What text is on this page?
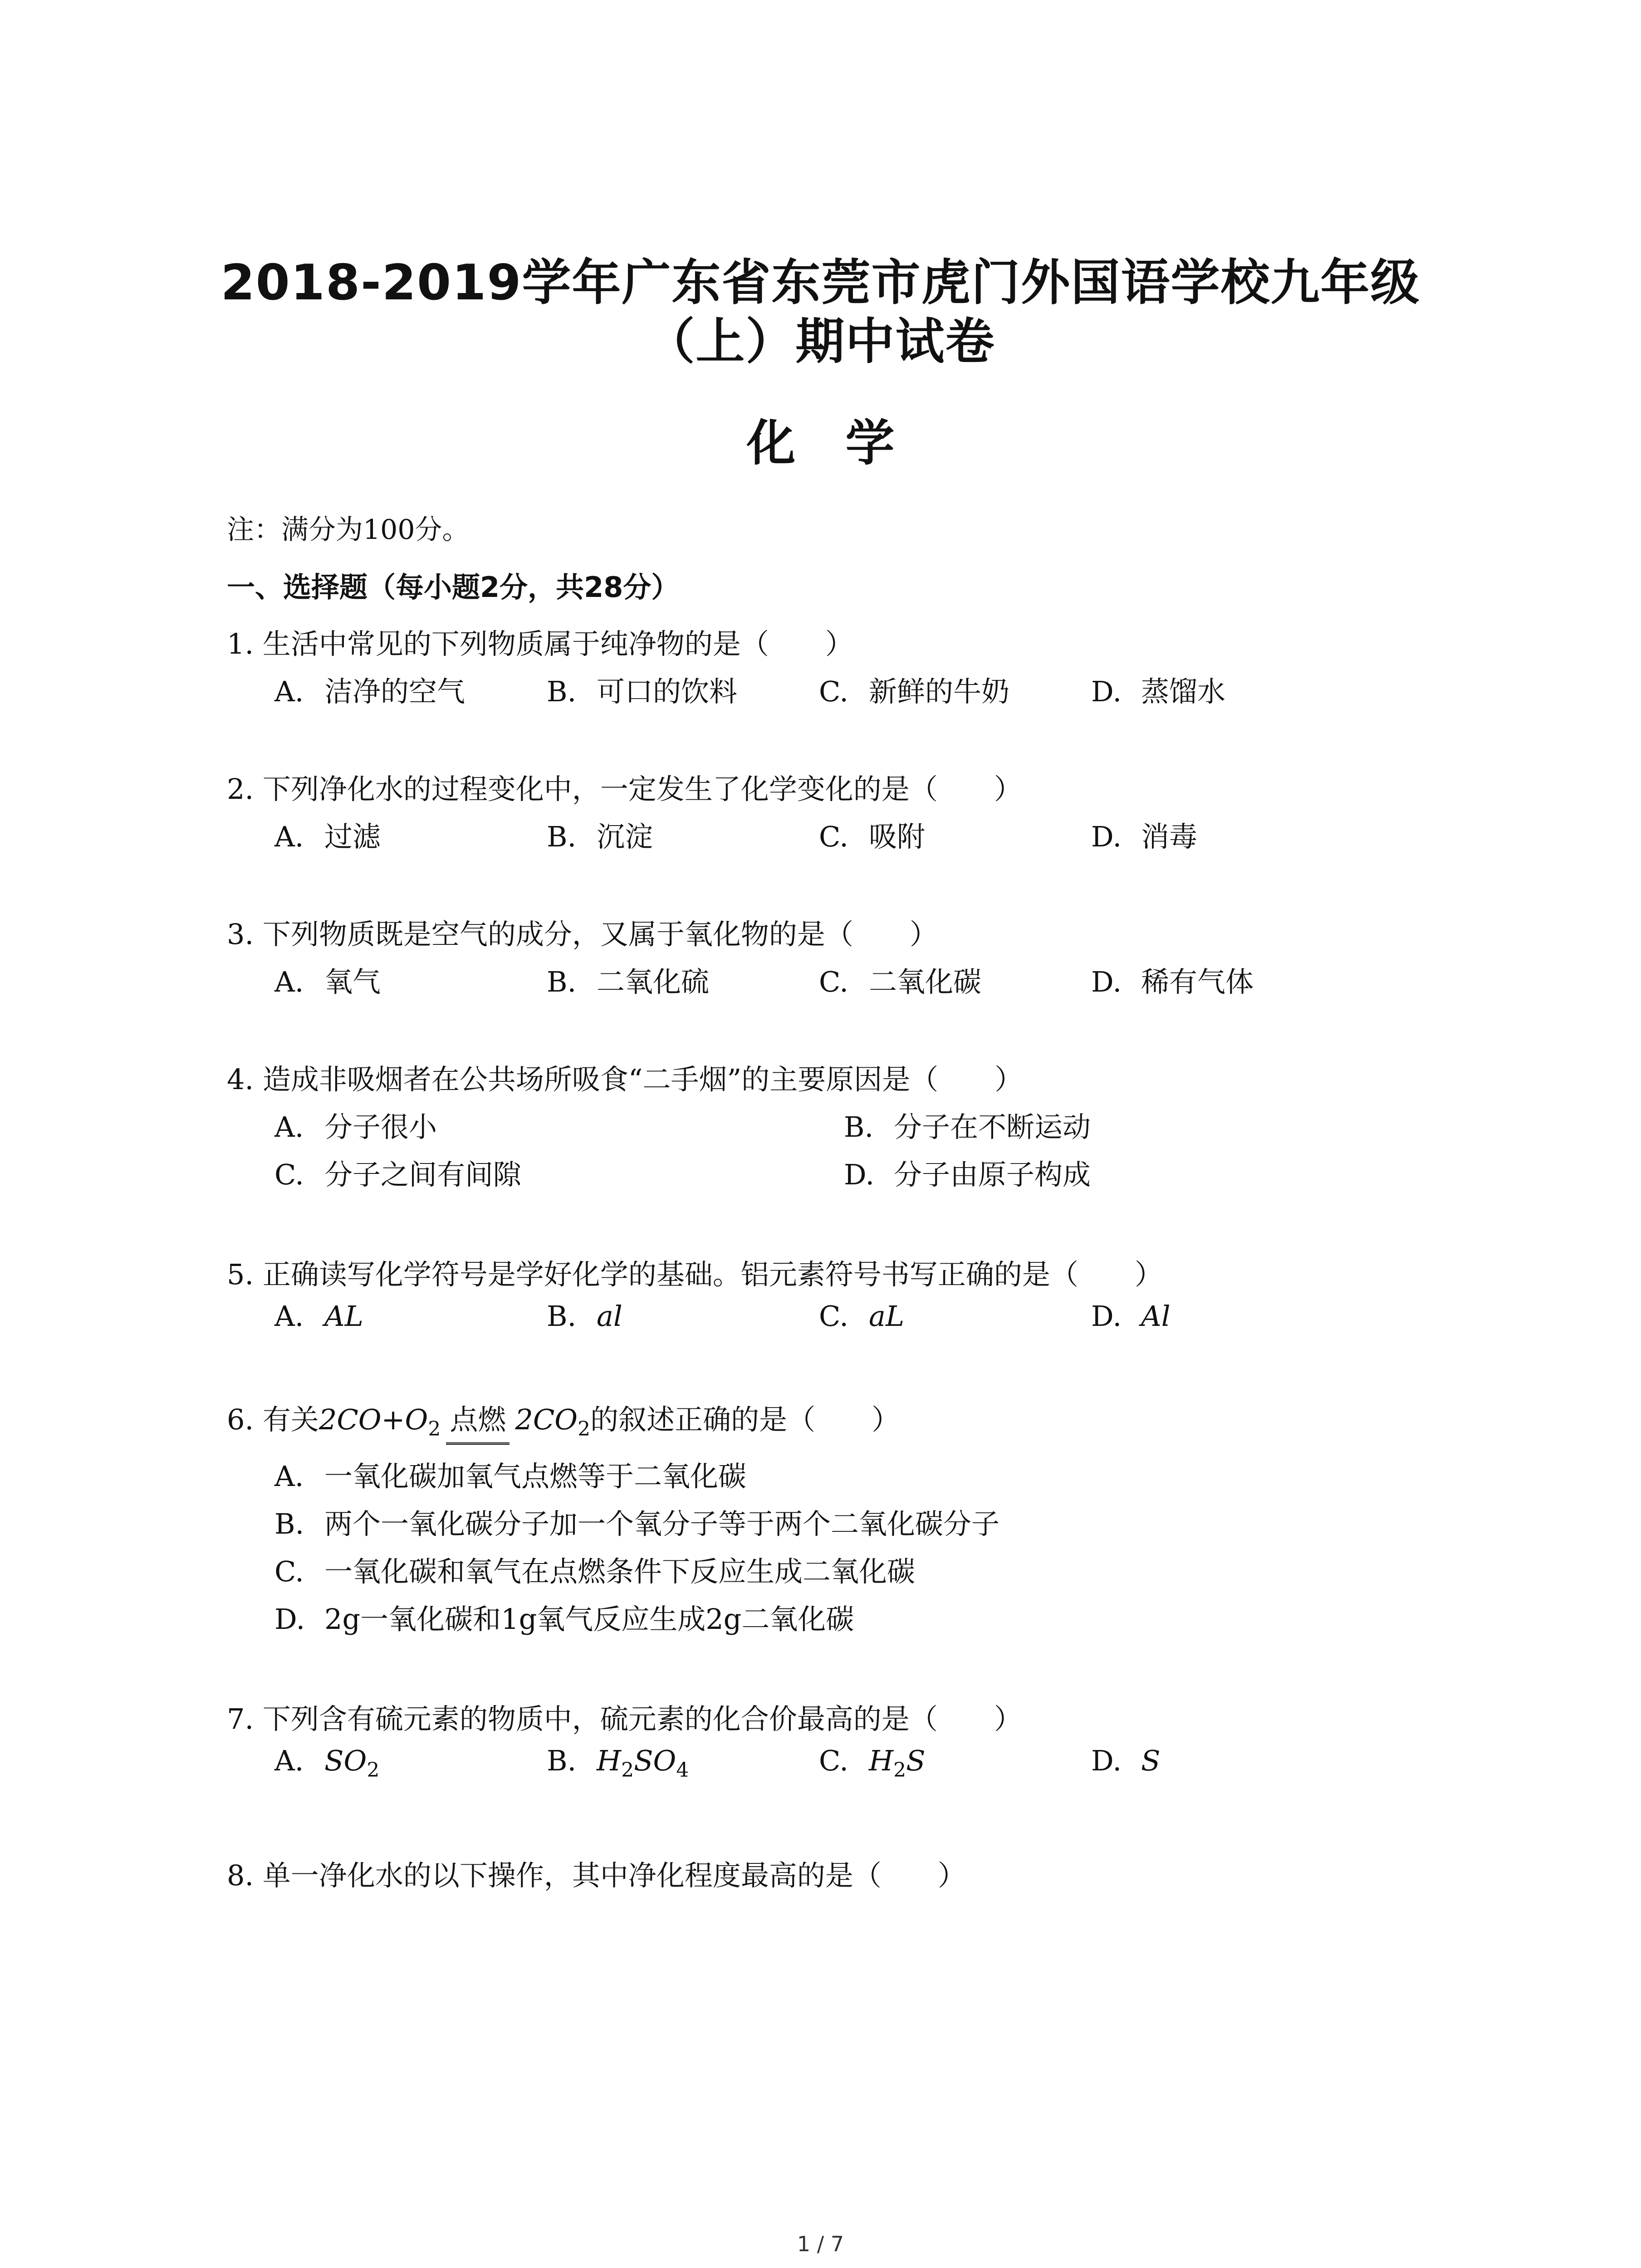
2018-2019学年广东省东莞市虎门外国语学校九年级
（上）期中试卷
化学
注：满分为100分。
一、选择题（每小题2分，共28分）
1. 生活中常见的下列物质属于纯净物的是（　　）
A. 洁净的空气	B. 可口的饮料	C. 新鲜的牛奶	D. 蒸馏水
2. 下列净化水的过程变化中，一定发生了化学变化的是（　　）
A. 过滤	B. 沉淀	C. 吸附	D. 消毒
3. 下列物质既是空气的成分，又属于氧化物的是（　　）
A. 氧气	B. 二氧化硫	C. 二氧化碳	D. 稀有气体
4. 造成非吸烟者在公共场所吸食“二手烟”的主要原因是（　　）
A. 分子很小	B. 分子在不断运动
C. 分子之间有间隙	D. 分子由原子构成
5. 正确读写化学符号是学好化学的基础。铝元素符号书写正确的是（　　）
A. AL	B. al	C. aL	D. Al
6. 有关$2CO+O_2$ 点燃 $2CO_2$的叙述正确的是（　　）
A. 一氧化碳加氧气点燃等于二氧化碳
B. 两个一氧化碳分子加一个氧分子等于两个二氧化碳分子
C. 一氧化碳和氧气在点燃条件下反应生成二氧化碳
D. 2g一氧化碳和1g氧气反应生成2g二氧化碳
7. 下列含有硫元素的物质中，硫元素的化合价最高的是（　　）
A. $SO_2$	B. $H_2SO_4$	C. $H_2S$	D. S
8. 单一净化水的以下操作，其中净化程度最高的是（　　）
1 / 7
